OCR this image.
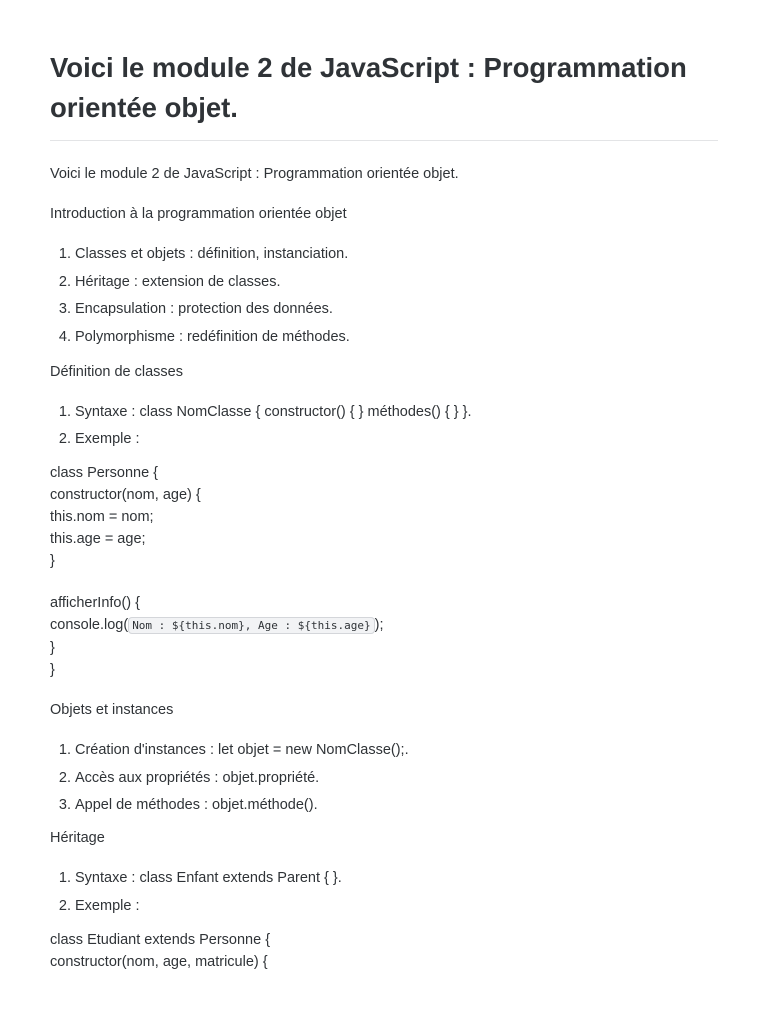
Voici le module 2 de JavaScript : Programmation orientée objet.

Voici le module 2 de JavaScript : Programmation orientée objet.

Introduction à la programmation orientée objet

1. Classes et objets : définition, instanciation.
2. Héritage : extension de classes.
3. Encapsulation : protection des données.
4. Polymorphisme : redéfinition de méthodes.

Définition de classes

1. Syntaxe : class NomClasse { constructor() { } méthodes() { } }.
2. Exemple :

class Personne {

constructor(nom, age) {

this.nom = nom;

this.age = age;

}

afficherInfo() {

console.log( Nom : ${this.nom}, Age : ${this.age} );

}

}

Objets et instances

1. Création d'instances : let objet = new NomClasse();.
2. Accès aux propriétés : objet.propriété.
3. Appel de méthodes : objet.méthode().

Héritage

1. Syntaxe : class Enfant extends Parent { }.
2. Exemple :

class Etudiant extends Personne {

constructor(nom, age, matricule) {
